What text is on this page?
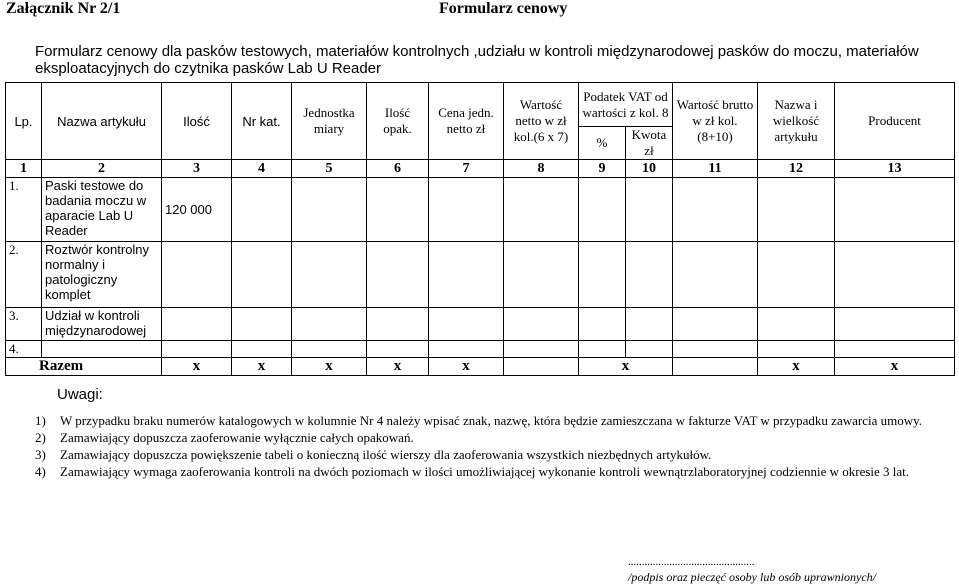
Załącznik Nr 2/1	Formularz cenowy
Formularz cenowy dla pasków testowych, materiałów kontrolnych ,udziału w kontroli międzynarodowej pasków do moczu, materiałów eksploatacyjnych do czytnika pasków Lab U Reader
Lp.	Nazwa artykułu	Ilość	Nr kat.	Jednostka miary	Ilość opak.	Cena jedn. netto zł	Wartość netto w zł kol.(6 x 7)	Podatek VAT od wartości z kol. 8		Wartość brutto w zł kol. (8+10)	Nazwa i wielkość artykułu	Producent
								%	Kwota zł			
1	2	3	4	5	6	7	8	9	10	11	12	13
1.	Paski testowe do badania moczu w aparacie Lab U Reader	120 000										
2.	Roztwór kontrolny normalny i patologiczny komplet											
3.	Udział w kontroli międzynarodowej											
4.												
Razem		x	x	x	x	x		x			x	x
Uwagi:
1) W przypadku braku numerów katalogowych w kolumnie Nr 4 należy wpisać znak, nazwę, która będzie zamieszczana w fakturze VAT w przypadku zawarcia umowy.
2) Zamawiający dopuszcza zaoferowanie wyłącznie całych opakowań.
3) Zamawiający dopuszcza powiększenie tabeli o konieczną ilość wierszy dla zaoferowania wszystkich niezbędnych artykułów.
4) Zamawiający wymaga zaoferowania kontroli na dwóch poziomach w ilości umożliwiającej wykonanie kontroli wewnątrzlaboratoryjnej codziennie w okresie 3 lat.
..............................................
/podpis oraz pieczęć osoby lub osób uprawnionych/
